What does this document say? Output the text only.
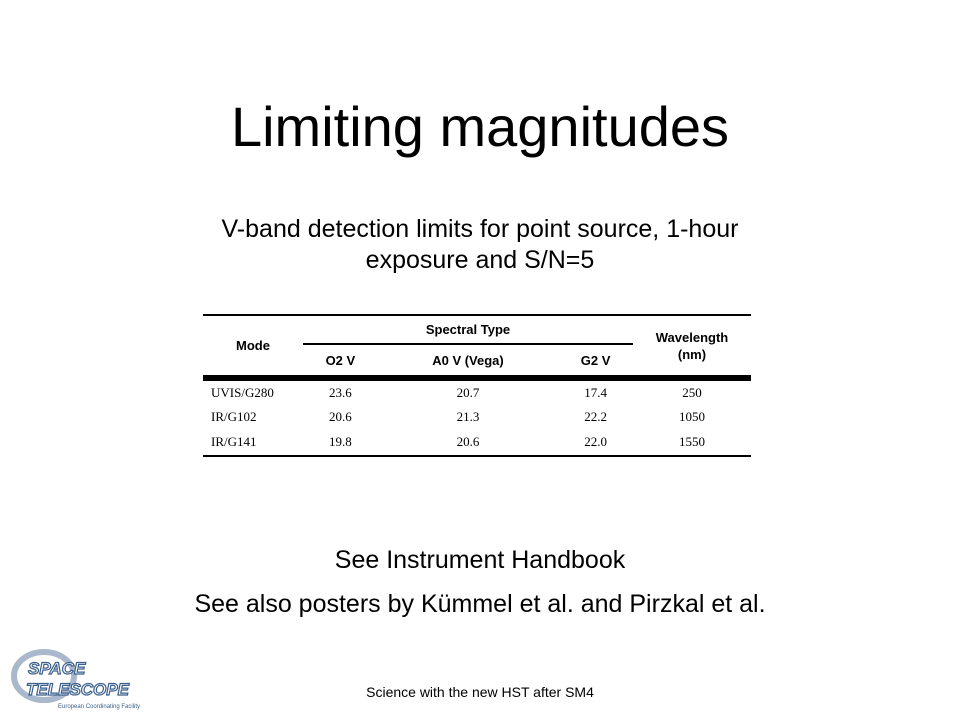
Limiting magnitudes
V-band detection limits for point source, 1-hour
exposure and S/N=5
Mode	Spectral Type			Wavelength
(nm)

	O2 V	A0 V (Vega)	G2 V	
UVIS/G280	23.6	20.7	17.4	250
IR/G102	20.6	21.3	22.2	1050
IR/G141	19.8	20.6	22.0	1550
See Instrument Handbook
See also posters by Kümmel et al. and Pirzkal et al.
SPACE
TELESCOPE
European Coordinating Facility
Science with the new HST after SM4
